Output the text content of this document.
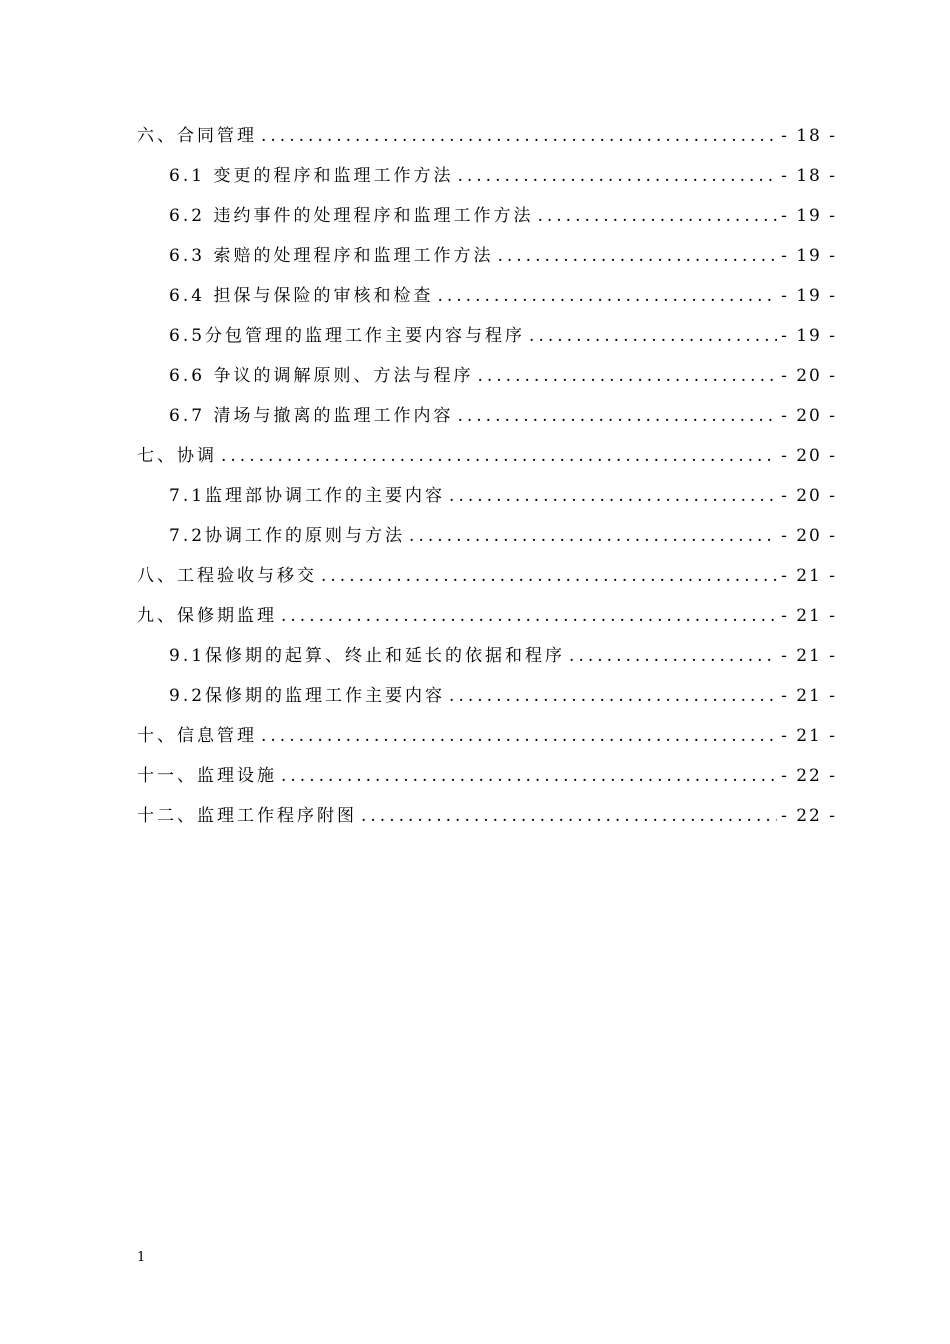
六、合同管理 .....	- 18 -
6.1 变更的程序和监理工作方法 .....	- 18 -
6.2 违约事件的处理程序和监理工作方法 .....	- 19 -
6.3 索赔的处理程序和监理工作方法 .....	- 19 -
6.4 担保与保险的审核和检查 .....	- 19 -
6.5分包管理的监理工作主要内容与程序 .....	- 19 -
6.6 争议的调解原则、方法与程序 .....	- 20 -
6.7 清场与撤离的监理工作内容 .....	- 20 -
七、协调 .....	- 20 -
7.1监理部协调工作的主要内容 .....	- 20 -
7.2协调工作的原则与方法 .....	- 20 -
八、工程验收与移交 .....	- 21 -
九、保修期监理 .....	- 21 -
9.1保修期的起算、终止和延长的依据和程序 .....	- 21 -
9.2保修期的监理工作主要内容 .....	- 21 -
十、信息管理 .....	- 21 -
十一、监理设施 .....	- 22 -
十二、监理工作程序附图 .....	- 22 -
1
